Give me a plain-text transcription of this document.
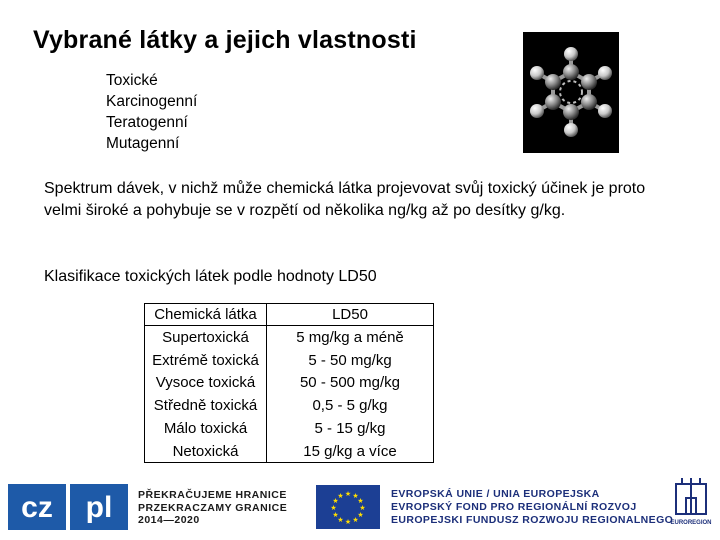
Vybrané látky a jejich vlastnosti
Toxické
Karcinogenní
Teratogenní
Mutagenní

Spektrum dávek, v nichž může chemická látka projevovat svůj toxický účinek je proto velmi široké a pohybuje se v rozpětí od několika ng/kg až po desítky g/kg.

Klasifikace toxických látek podle hodnoty LD50
Chemická látka
Supertoxická
Extrémě toxická
Vysoce toxická
Středně toxická
Málo toxická
Netoxická
LD50
5 mg/kg a méně
5 - 50 mg/kg
50 - 500 mg/kg
0,5 - 5 g/kg
5 - 15 g/kg
15 g/kg a více
cz pl PŘEKRAČUJEME HRANICE
PRZEKRACZAMY GRANICE
2014—2020
★ ★
★
★
★
★
★
★
★
★
★
★	EVROPSKÁ UNIE / UNIA EUROPEJSKA
EVROPSKÝ FOND PRO REGIONÁLNÍ ROZVOJ
EUROPEJSKI FUNDUSZ ROZWOJU REGIONALNEGO
EUROREGION
